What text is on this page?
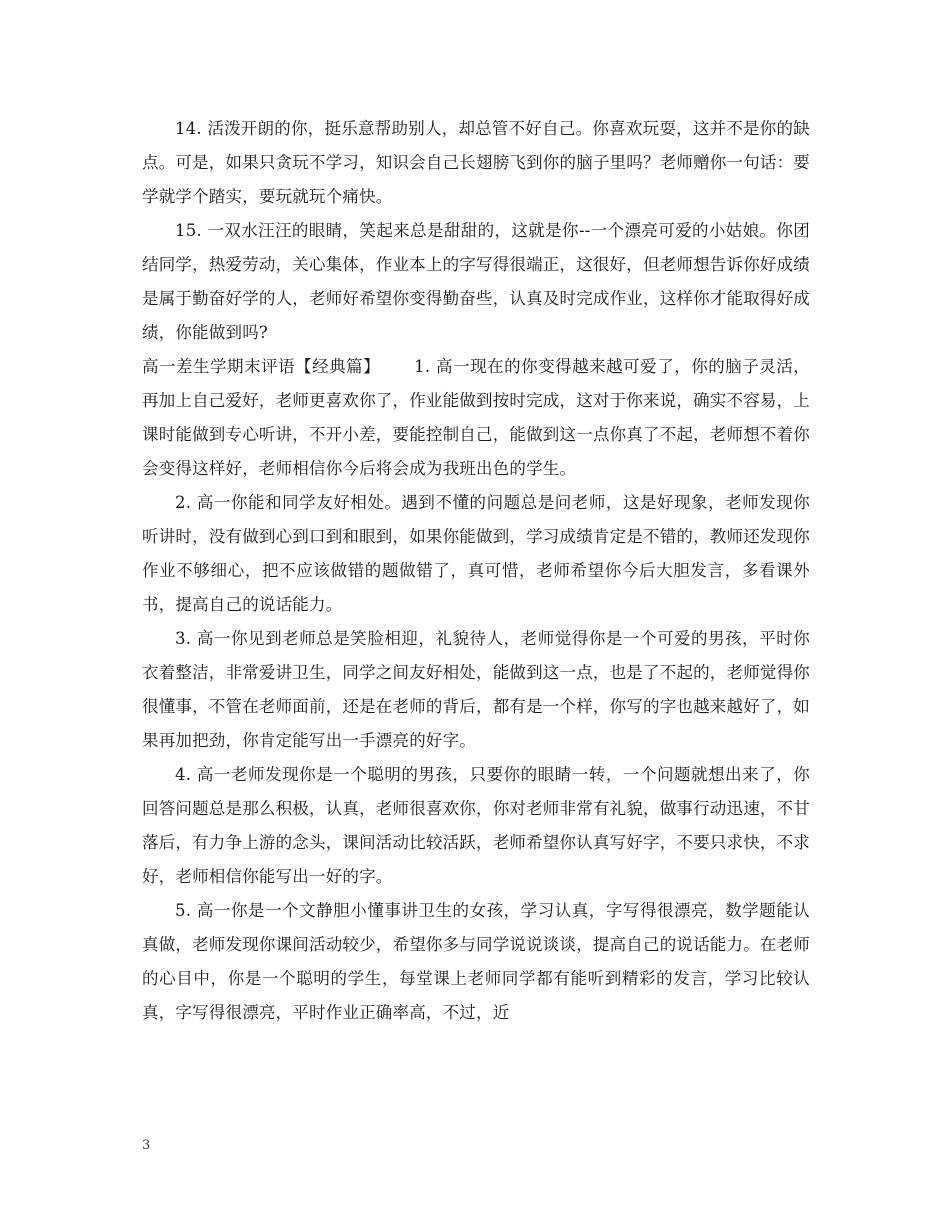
14. 活泼开朗的你，挺乐意帮助别人，却总管不好自己。你喜欢玩耍，这并不是你的缺点。可是，如果只贪玩不学习，知识会自己长翅膀飞到你的脑子里吗？老师赠你一句话：要学就学个踏实，要玩就玩个痛快。

15. 一双水汪汪的眼睛，笑起来总是甜甜的，这就是你--一个漂亮可爱的小姑娘。你团结同学，热爱劳动，关心集体，作业本上的字写得很端正，这很好，但老师想告诉你好成绩是属于勤奋好学的人，老师好希望你变得勤奋些，认真及时完成作业，这样你才能取得好成绩，你能做到吗?

高一差生学期末评语【经典篇】 1. 高一现在的你变得越来越可爱了，你的脑子灵活，再加上自己爱好，老师更喜欢你了，作业能做到按时完成，这对于你来说，确实不容易，上课时能做到专心听讲，不开小差，要能控制自己，能做到这一点你真了不起，老师想不着你会变得这样好，老师相信你今后将会成为我班出色的学生。

2. 高一你能和同学友好相处。遇到不懂的问题总是问老师，这是好现象，老师发现你听讲时，没有做到心到口到和眼到，如果你能做到，学习成绩肯定是不错的，教师还发现你作业不够细心，把不应该做错的题做错了，真可惜，老师希望你今后大胆发言，多看课外书，提高自己的说话能力。

3. 高一你见到老师总是笑脸相迎，礼貌待人，老师觉得你是一个可爱的男孩，平时你衣着整洁，非常爱讲卫生，同学之间友好相处，能做到这一点，也是了不起的，老师觉得你很懂事，不管在老师面前，还是在老师的背后，都有是一个样，你写的字也越来越好了，如果再加把劲，你肯定能写出一手漂亮的好字。

4. 高一老师发现你是一个聪明的男孩，只要你的眼睛一转，一个问题就想出来了，你回答问题总是那么积极，认真，老师很喜欢你，你对老师非常有礼貌，做事行动迅速，不甘落后，有力争上游的念头，课间活动比较活跃，老师希望你认真写好字，不要只求快，不求好，老师相信你能写出一好的字。

5. 高一你是一个文静胆小懂事讲卫生的女孩，学习认真，字写得很漂亮，数学题能认真做，老师发现你课间活动较少，希望你多与同学说说谈谈，提高自己的说话能力。在老师的心目中，你是一个聪明的学生，每堂课上老师同学都有能听到精彩的发言，学习比较认真，字写得很漂亮，平时作业正确率高，不过，近

3
